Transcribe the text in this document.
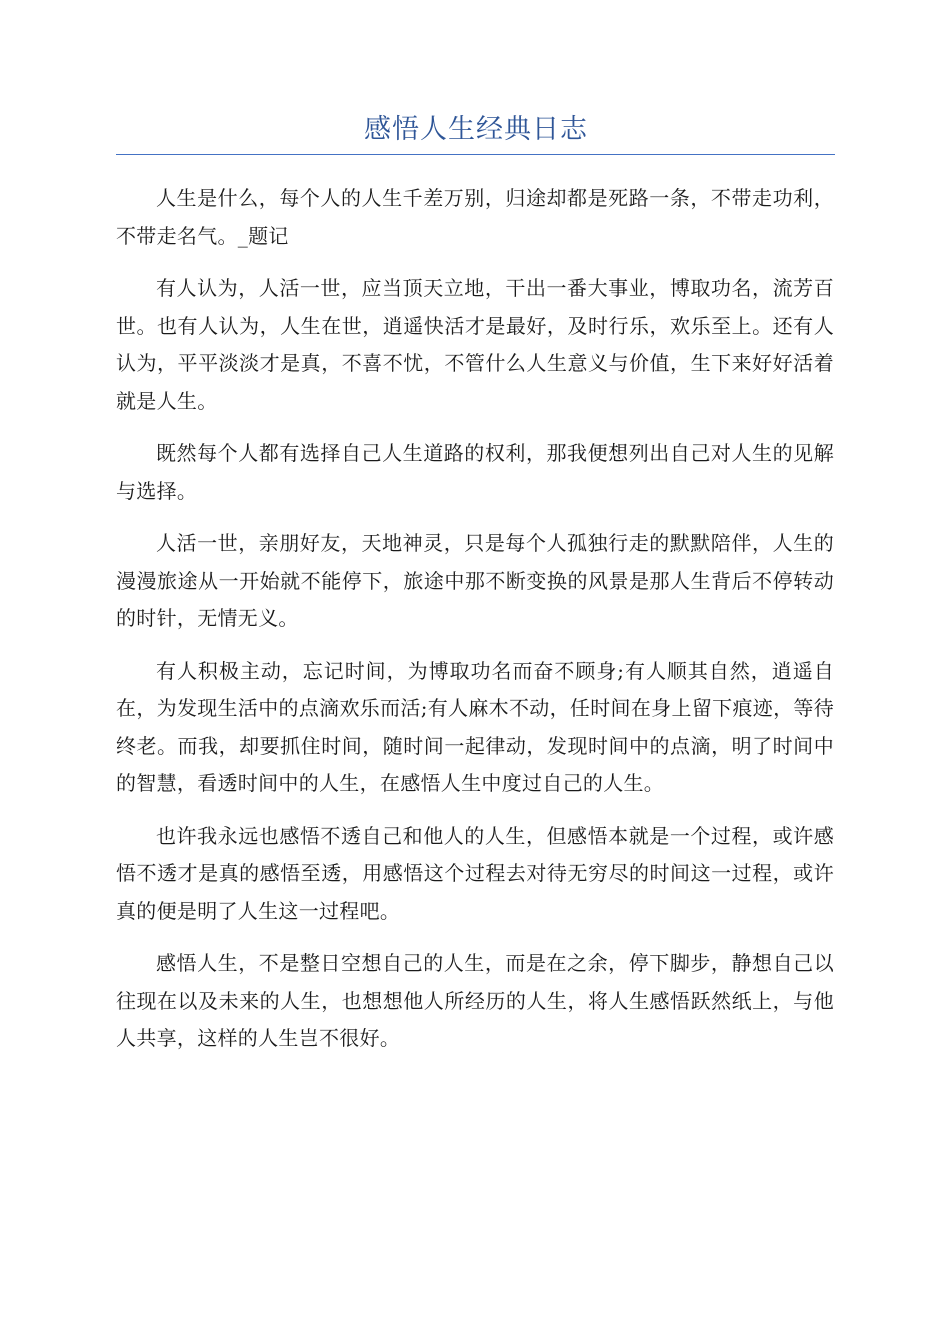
感悟人生经典日志

人生是什么，每个人的人生千差万别，归途却都是死路一条，不带走功利，不带走名气。_题记

有人认为，人活一世，应当顶天立地，干出一番大事业，博取功名，流芳百世。也有人认为，人生在世，逍遥快活才是最好，及时行乐，欢乐至上。还有人认为，平平淡淡才是真，不喜不忧，不管什么人生意义与价值，生下来好好活着就是人生。

既然每个人都有选择自己人生道路的权利，那我便想列出自己对人生的见解与选择。

人活一世，亲朋好友，天地神灵，只是每个人孤独行走的默默陪伴，人生的漫漫旅途从一开始就不能停下，旅途中那不断变换的风景是那人生背后不停转动的时针，无情无义。

有人积极主动，忘记时间，为博取功名而奋不顾身;有人顺其自然，逍遥自在，为发现生活中的点滴欢乐而活;有人麻木不动，任时间在身上留下痕迹，等待终老。而我，却要抓住时间，随时间一起律动，发现时间中的点滴，明了时间中的智慧，看透时间中的人生，在感悟人生中度过自己的人生。

也许我永远也感悟不透自己和他人的人生，但感悟本就是一个过程，或许感悟不透才是真的感悟至透，用感悟这个过程去对待无穷尽的时间这一过程，或许真的便是明了人生这一过程吧。

感悟人生，不是整日空想自己的人生，而是在之余，停下脚步，静想自己以往现在以及未来的人生，也想想他人所经历的人生，将人生感悟跃然纸上，与他人共享，这样的人生岂不很好。
